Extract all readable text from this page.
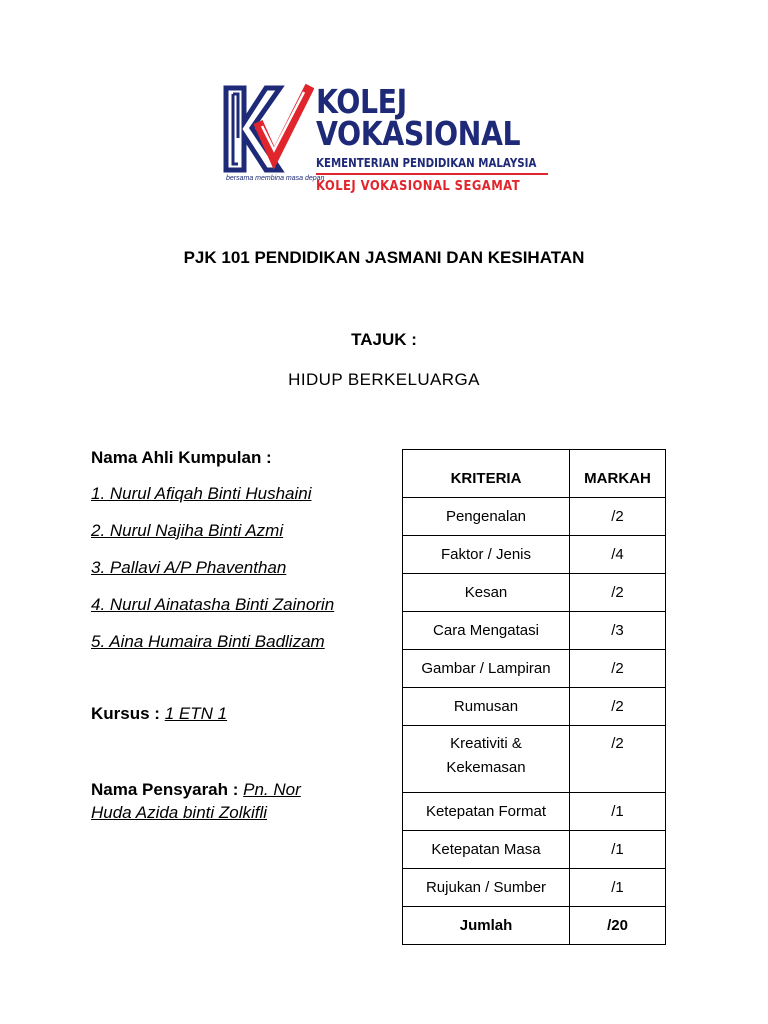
bersama membina masa depan
KOLEJ
VOKASIONAL
KEMENTERIAN PENDIDIKAN MALAYSIA
KOLEJ VOKASIONAL SEGAMAT
PJK 101 PENDIDIKAN JASMANI DAN KESIHATAN
TAJUK :
HIDUP BERKELUARGA
Nama Ahli Kumpulan :
1. Nurul Afiqah Binti Hushaini
2. Nurul Najiha Binti Azmi
3. Pallavi A/P Phaventhan
4. Nurul Ainatasha Binti Zainorin
5. Aina Humaira Binti Badlizam
Kursus : 1 ETN 1
Nama Pensyarah : Pn. Nor
Huda Azida binti Zolkifli
KRITERIA	MARKAH
Pengenalan	/2
Faktor / Jenis	/4
Kesan	/2
Cara Mengatasi	/3
Gambar / Lampiran	/2
Rumusan	/2
Kreativiti &
Kekemasan	/2
Ketepatan Format	/1
Ketepatan Masa	/1
Rujukan / Sumber	/1
Jumlah	/20
